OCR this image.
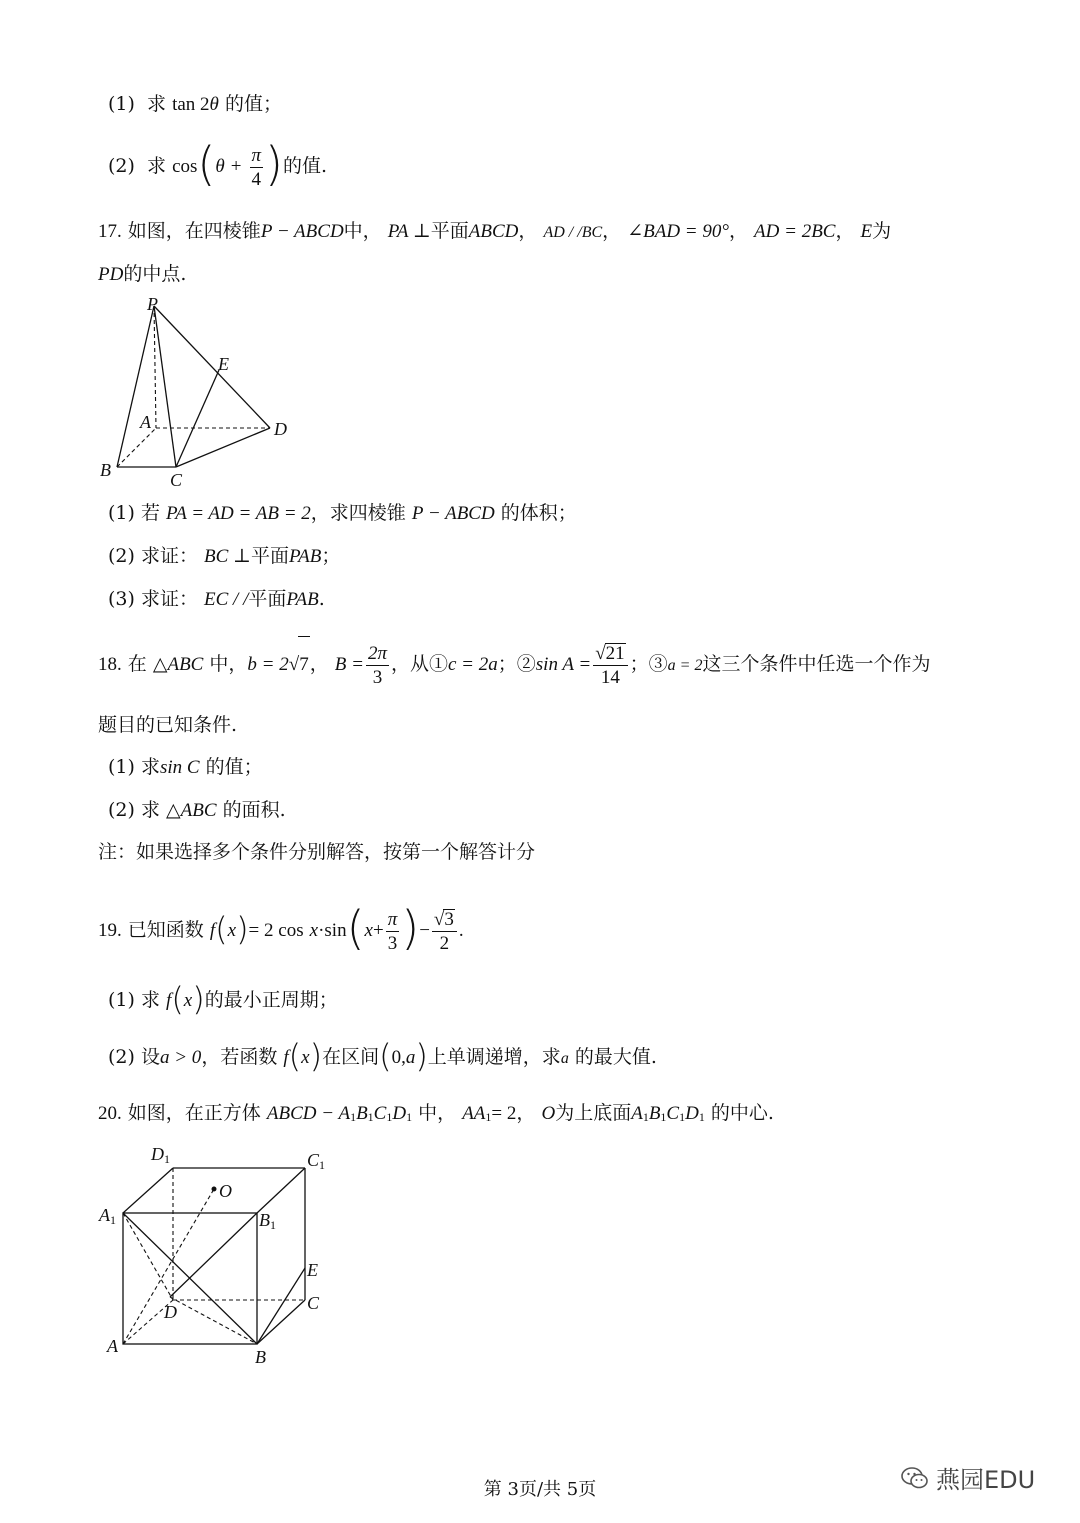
(1) 求 tan 2θ 的值；
(2) 求 $\cos(\theta + \frac{\pi}{4}$ )的值.
17. 如图，在四棱锥P − ABCD中， PA ⊥平面ABCD， AD / /BC， ∠BAD = 90°， AD = 2BC， E为
PD的中点.
P
E
A	D
B	C
(1) 若 PA = AD = AB = 2，求四棱锥 P − ABCD 的体积；
(2) 求证： BC ⊥平面PAB；
(3) 求证： EC / /平面PAB.
18. 在 △ABC 中，b = 2√7， $B = \frac{2\pi}{3}$ ，从①c = 2a；②sin $A = \frac{√21}{14}$ ；③a = 2这三个条件中任选一个作为
题目的已知条件.
(1) 求sin C 的值；
(2) 求 △ABC 的面积.
注：如果选择多个条件分别解答，按第一个解答计分
19. 已知函数 f(x)= 2 $\cos x\cdot\sin(x+ \frac{\pi}{3}$ )− $\frac{√3}{2}$ .
(1) 求 f(x)的最小正周期；
(2) 设a > 0，若函数 f(x)在区间(0,a)上单调递增，求a 的最大值.
20. 如图，在正方体 ABCD − $A_1B_1C_1D_1$ 中， $AA_1= 2$， O为上底面$A_1B_1C_1D_1$ 的中心.
D1	C1
O
A1	B1
E
C
D
A
B
第 3页/共 5页	燕园EDU
